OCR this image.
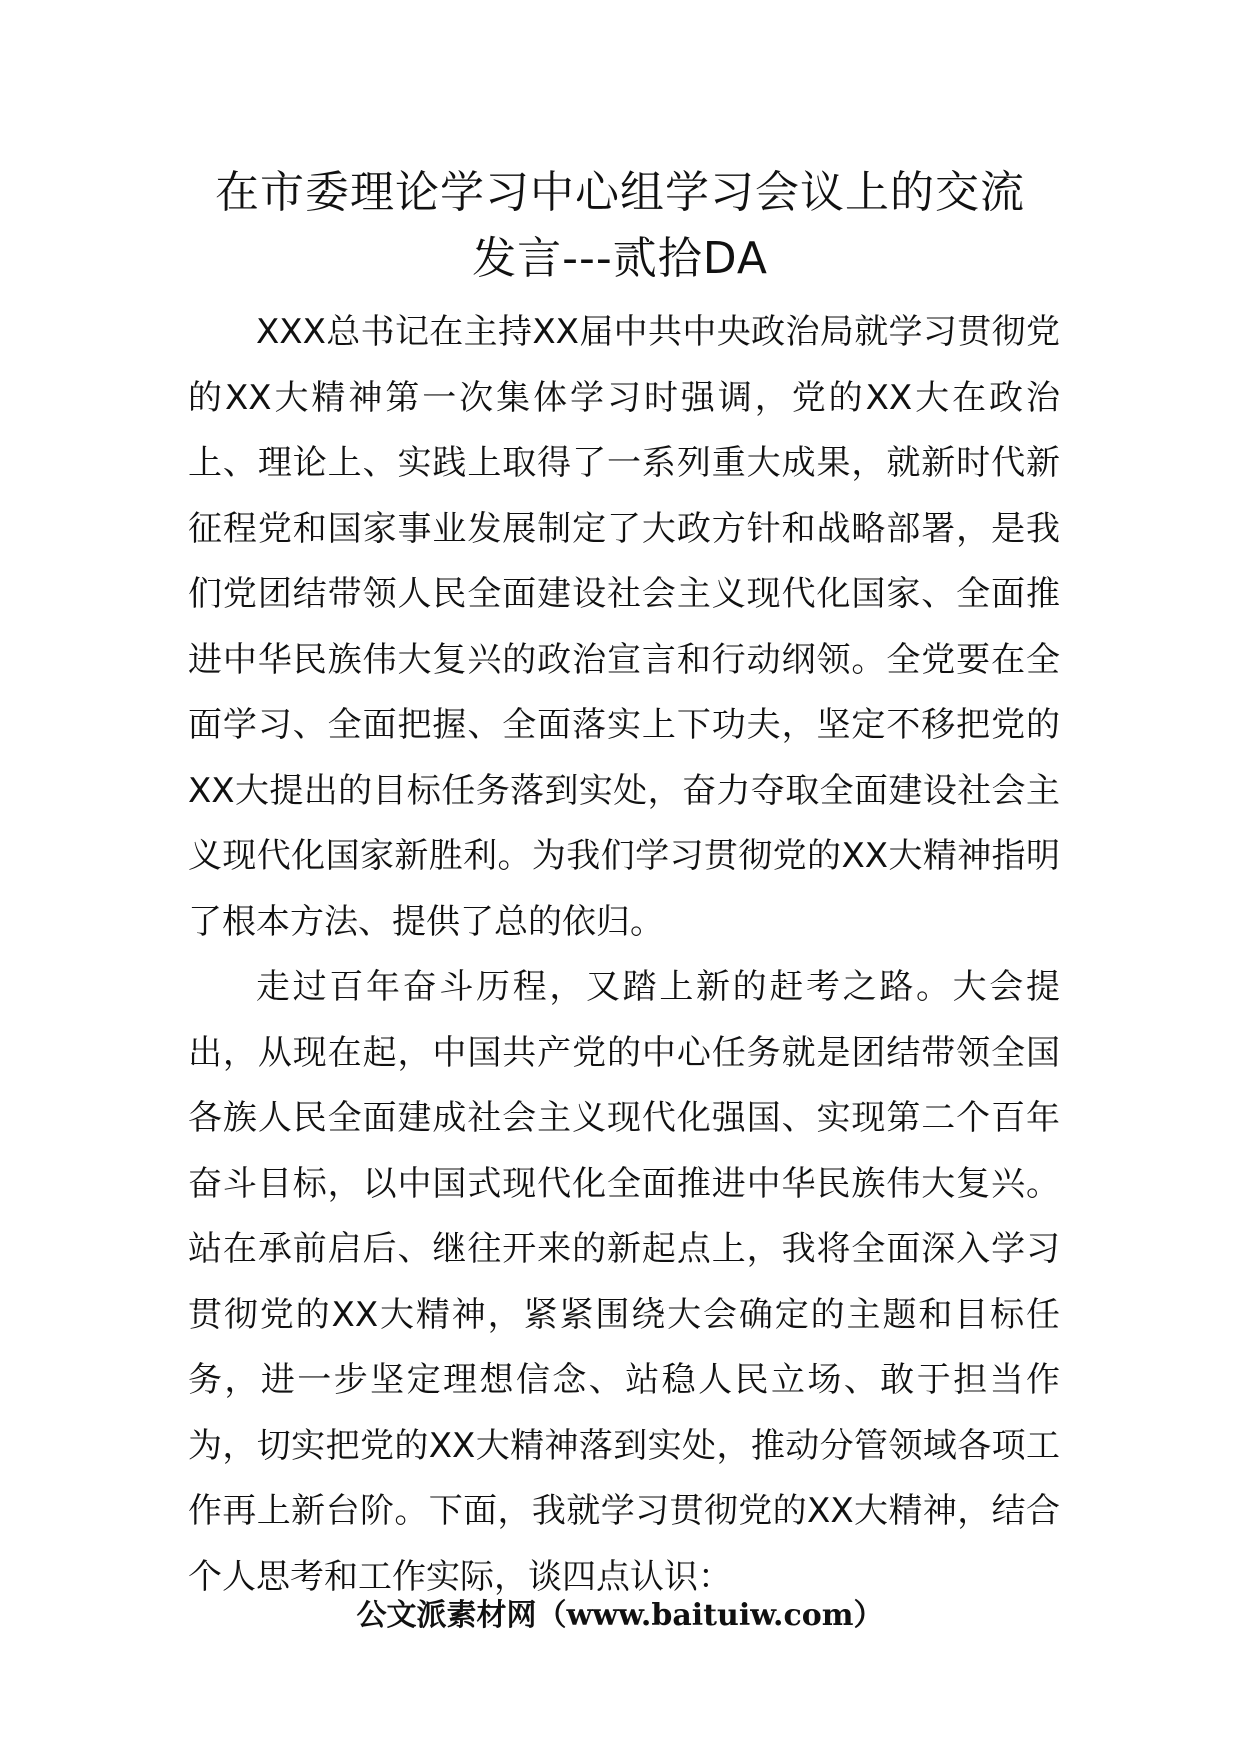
在市委理论学习中心组学习会议上的交流
发言---贰拾DA

XXX总书记在主持XX届中共中央政治局就学习贯彻党的XX大精神第一次集体学习时强调，党的XX大在政治上、理论上、实践上取得了一系列重大成果，就新时代新征程党和国家事业发展制定了大政方针和战略部署，是我们党团结带领人民全面建设社会主义现代化国家、全面推进中华民族伟大复兴的政治宣言和行动纲领。全党要在全面学习、全面把握、全面落实上下功夫，坚定不移把党的XX大提出的目标任务落到实处，奋力夺取全面建设社会主义现代化国家新胜利。为我们学习贯彻党的XX大精神指明了根本方法、提供了总的依归。

走过百年奋斗历程，又踏上新的赶考之路。大会提出，从现在起，中国共产党的中心任务就是团结带领全国各族人民全面建成社会主义现代化强国、实现第二个百年奋斗目标，以中国式现代化全面推进中华民族伟大复兴。站在承前启后、继往开来的新起点上，我将全面深入学习贯彻党的XX大精神，紧紧围绕大会确定的主题和目标任务，进一步坚定理想信念、站稳人民立场、敢于担当作为，切实把党的XX大精神落到实处，推动分管领域各项工作再上新台阶。下面，我就学习贯彻党的XX大精神，结合个人思考和工作实际，谈四点认识：

公文派素材网（www.baituiw.com）
